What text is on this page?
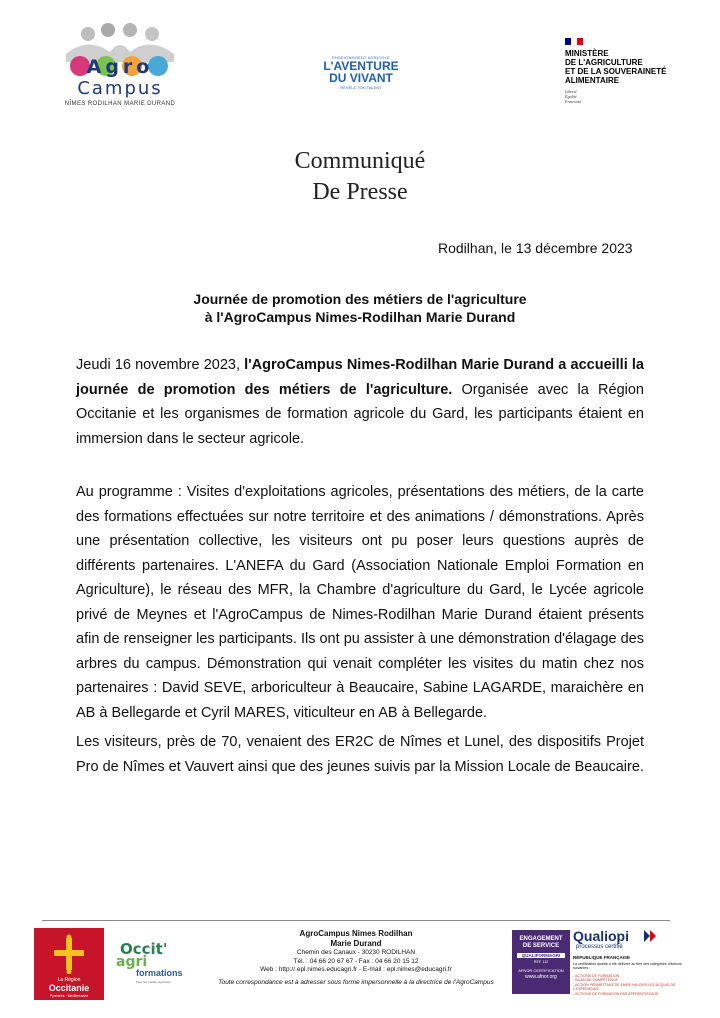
Agro
Campus
NÎMES RODILHAN MARIE DURAND
ENSEIGNEMENT AGRICOLE
L'AVENTURE
DU VIVANT
RÉVÈLE TON TALENT
MINISTÈRE
DE L'AGRICULTURE
ET DE LA SOUVERAINETÉ
ALIMENTAIRE
Liberté
Égalité
Fraternité
Communiqué
De Presse
Rodilhan, le 13 décembre 2023
Journée de promotion des métiers de l'agriculture
à l'AgroCampus Nimes-Rodilhan Marie Durand
Jeudi 16 novembre 2023, l'AgroCampus Nimes-Rodilhan Marie Durand a accueilli la journée de promotion des métiers de l'agriculture. Organisée avec la Région Occitanie et les organismes de formation agricole du Gard, les participants étaient en immersion dans le secteur agricole.
Au programme : Visites d'exploitations agricoles, présentations des métiers, de la carte des formations effectuées sur notre territoire et des animations / démonstrations. Après une présentation collective, les visiteurs ont pu poser leurs questions auprès de différents partenaires. L'ANEFA du Gard (Association Nationale Emploi Formation en Agriculture), le réseau des MFR, la Chambre d'agriculture du Gard, le Lycée agricole privé de Meynes et l'AgroCampus de Nimes-Rodilhan Marie Durand étaient présents afin de renseigner les participants. Ils ont pu assister à une démonstration d'élagage des arbres du campus. Démonstration qui venait compléter les visites du matin chez nos partenaires : David SEVE, arboriculteur à Beaucaire, Sabine LAGARDE, maraichère en AB à Bellegarde et Cyril MARES, viticulteur en AB à Bellegarde.
Les visiteurs, près de 70, venaient des ER2C de Nîmes et Lunel, des dispositifs Projet Pro de Nîmes et Vauvert ainsi que des jeunes suivis par la Mission Locale de Beaucaire.
La Région
Occitanie
Pyrénées · Méditerranée
Occit'
agri
formations
Pour les métiers agricoles
AgroCampus Nimes Rodilhan
Marie Durand
Chemin des Canaux - 30230 RODILHAN
Tél. : 04 66 20 67 67 - Fax : 04 66 20 15 12
Web : http://.epl.nimes.educagri.fr - E-mail : epl.nimes@educagri.fr
Toute correspondance est à adresser sous forme impersonnelle à la directrice de l'AgroCampus
ENGAGEMENT
DE SERVICE
QUALIFORMAGRI
REF. 112
AFNOR CERTIFICATION
www.afnor.org
Qualiopi
processus certifié
RÉPUBLIQUE FRANÇAISE
La certification qualité a été délivrée au titre des catégories d'actions suivantes :
- ACTIONS DE FORMATION
- BILAN DE COMPÉTENCE
- ACTION PERMETTANT DE FAIRE VALIDER LES ACQUIS DE L'EXPÉRIENCE
- ACTIONS DE FORMATION PAR APPRENTISSAGE
